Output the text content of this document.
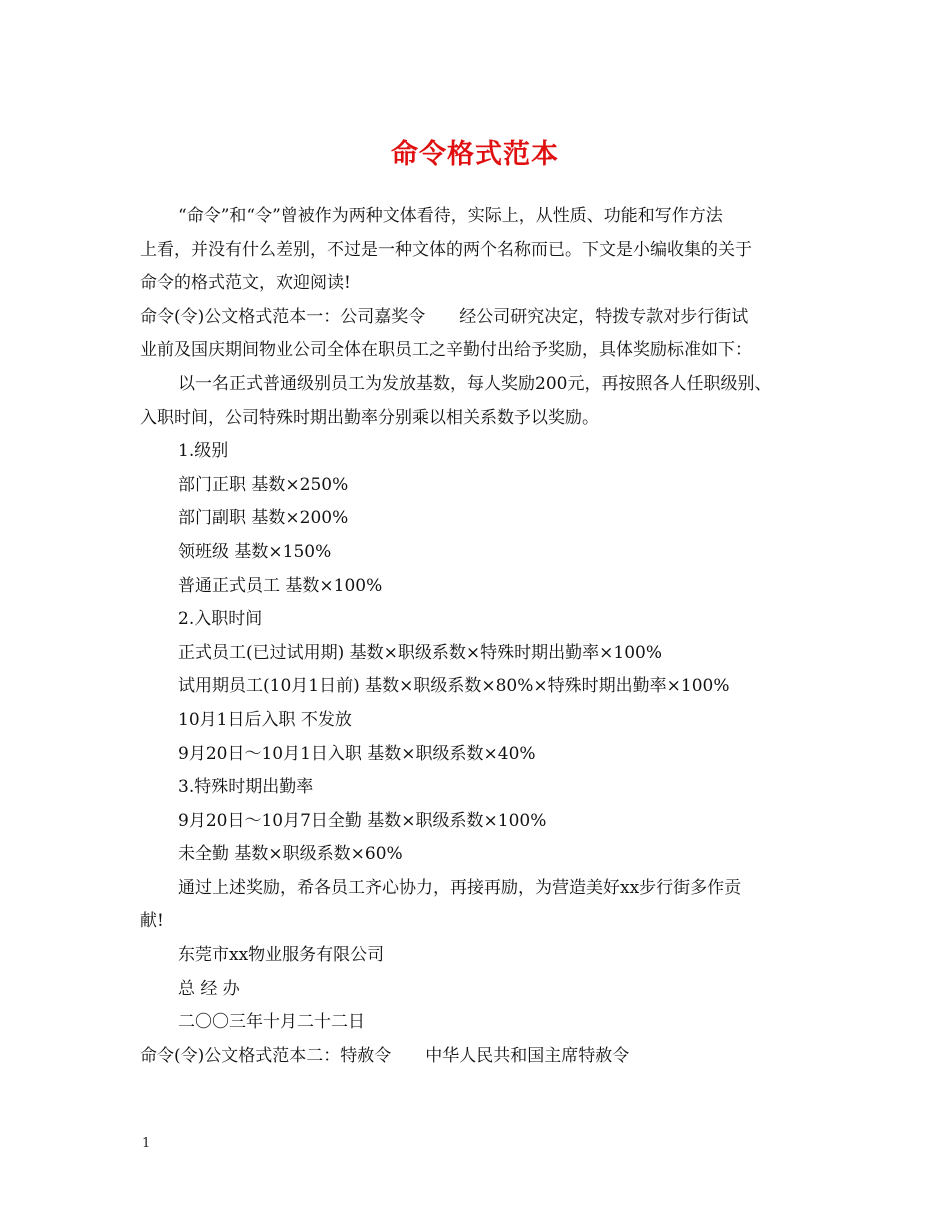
命令格式范本

“命令”和“令”曾被作为两种文体看待，实际上，从性质、功能和写作方法

上看，并没有什么差别，不过是一种文体的两个名称而已。下文是小编收集的关于

命令的格式范文，欢迎阅读!

命令(令)公文格式范本一：公司嘉奖令 经公司研究决定，特拨专款对步行街试

业前及国庆期间物业公司全体在职员工之辛勤付出给予奖励，具体奖励标准如下：

以一名正式普通级别员工为发放基数，每人奖励200元，再按照各人任职级别、

入职时间，公司特殊时期出勤率分别乘以相关系数予以奖励。

1.级别

部门正职 基数×250%

部门副职 基数×200%

领班级 基数×150%

普通正式员工 基数×100%

2.入职时间

正式员工(已过试用期) 基数×职级系数×特殊时期出勤率×100%

试用期员工(10月1日前) 基数×职级系数×80%×特殊时期出勤率×100%

10月1日后入职 不发放

9月20日～10月1日入职 基数×职级系数×40%

3.特殊时期出勤率

9月20日～10月7日全勤 基数×职级系数×100%

未全勤 基数×职级系数×60%

通过上述奖励，希各员工齐心协力，再接再励，为营造美好xx步行街多作贡

献!

东莞市xx物业服务有限公司

总 经 办

二〇〇三年十月二十二日

命令(令)公文格式范本二：特赦令 中华人民共和国主席特赦令

1
